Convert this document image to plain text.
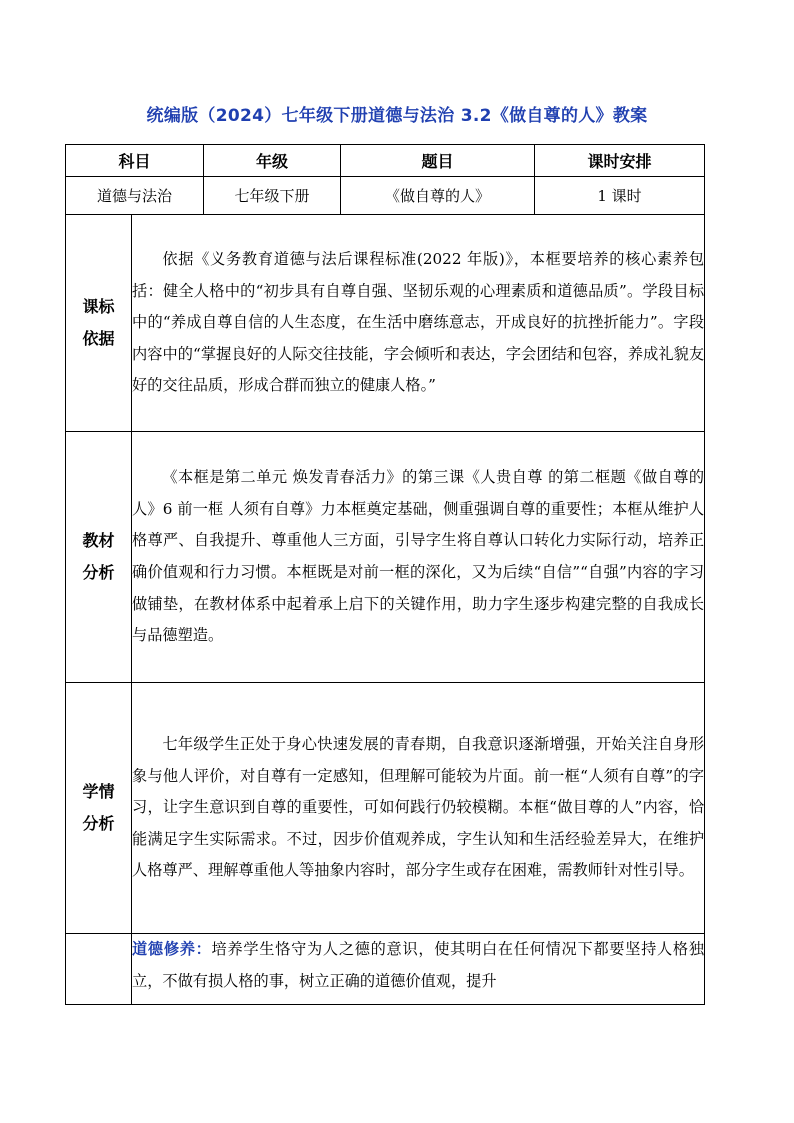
统编版（2024）七年级下册道德与法治 3.2《做自尊的人》教案
科目		年级	题目	课时安排
道德与法治		七年级下册	《做自尊的人》	1 课时

课标
依据	依据《义务教育道德与法后课程标准(2022 年版)》，本框要培养的核心素养包括：健全人格中的“初步具有自尊自强、坚韧乐观的心理素质和道德品质”。学段目标中的“养成自尊自信的人生态度，在生活中磨练意志，开成良好的抗挫折能力”。字段内容中的“掌握良好的人际交往技能，字会倾听和表达，字会团结和包容，养成礼貌友好的交往品质，形成合群而独立的健康人格。”			

教材
分析	《本框是第二单元 焕发青春活力》的第三课《人贵自尊 的第二框题《做自尊的人》6 前一框 人须有自尊》力本框奠定基础，侧重强调自尊的重要性；本框从维护人格尊严、自我提升、尊重他人三方面，引导字生将自尊认口转化力实际行动，培养正确价值观和行力习惯。本框既是对前一框的深化，又为后续“自信”“自强”内容的字习做铺垫，在教材体系中起着承上启下的关键作用，助力字生逐步构建完整的自我成长与品德塑造。			

学情
分析	七年级学生正处于身心快速发展的青春期，自我意识逐渐增强，开始关注自身形象与他人评价，对自尊有一定感知，但理解可能较为片面。前一框“人须有自尊”的字习，让字生意识到自尊的重要性，可如何践行仍较模糊。本框“做目尊的人”内容，恰能满足字生实际需求。不过，因步价值观养成，字生认知和生活经验差异大，在维护人格尊严、理解尊重他人等抽象内容时，部分字生或存在困难，需教师针对性引导。			
	道德修养：培养学生恪守为人之德的意识，使其明白在任何情况下都要坚持人格独立，不做有损人格的事，树立正确的道德价值观，提升			
